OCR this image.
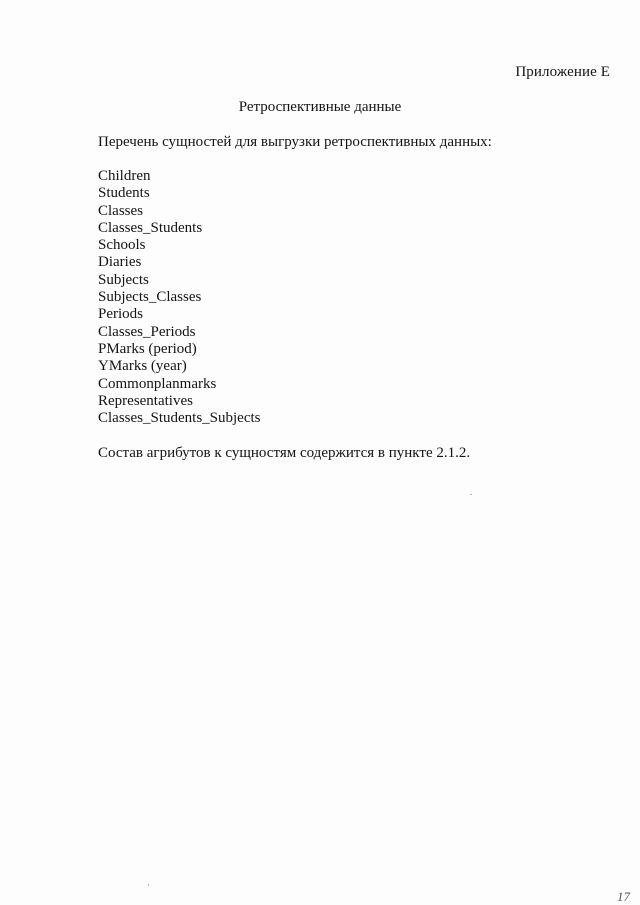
Приложение Е
Ретроспективные данные
Перечень сущностей для выгрузки ретроспективных данных:
Children
Students
Classes
Classes_Students
Schools
Diaries
Subjects
Subjects_Classes
Periods
Classes_Periods
PMarks (period)
YMarks (year)
Commonplanmarks
Representatives
Classes_Students_Subjects
Состав агрибутов к сущностям содержится в пункте 2.1.2.
17
